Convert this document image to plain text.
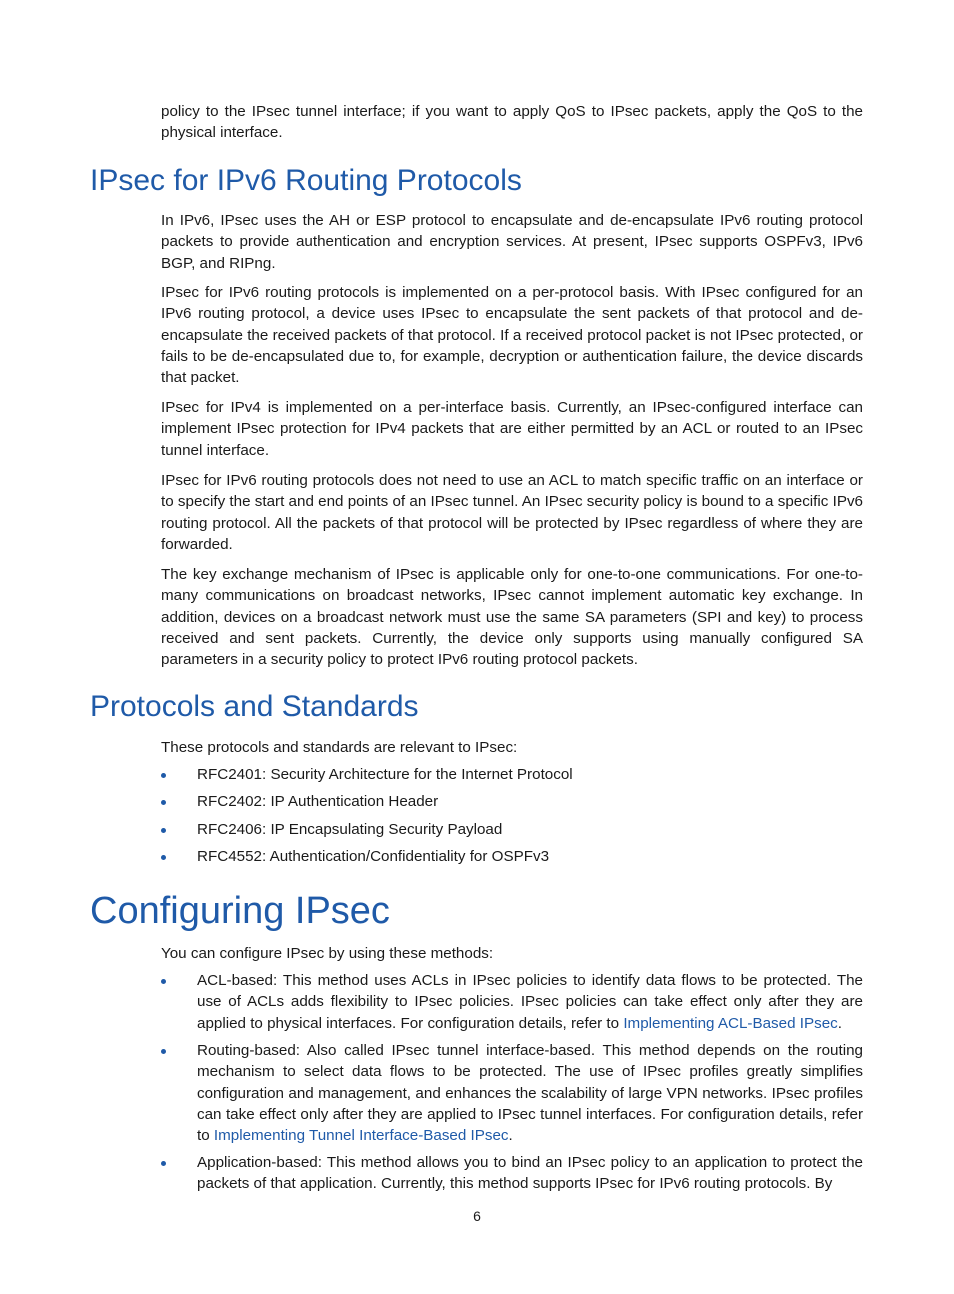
policy to the IPsec tunnel interface; if you want to apply QoS to IPsec packets, apply the QoS to the physical interface.

IPsec for IPv6 Routing Protocols

In IPv6, IPsec uses the AH or ESP protocol to encapsulate and de-encapsulate IPv6 routing protocol packets to provide authentication and encryption services. At present, IPsec supports OSPFv3, IPv6 BGP, and RIPng.

IPsec for IPv6 routing protocols is implemented on a per-protocol basis. With IPsec configured for an IPv6 routing protocol, a device uses IPsec to encapsulate the sent packets of that protocol and de-encapsulate the received packets of that protocol. If a received protocol packet is not IPsec protected, or fails to be de-encapsulated due to, for example, decryption or authentication failure, the device discards that packet.

IPsec for IPv4 is implemented on a per-interface basis. Currently, an IPsec-configured interface can implement IPsec protection for IPv4 packets that are either permitted by an ACL or routed to an IPsec tunnel interface.

IPsec for IPv6 routing protocols does not need to use an ACL to match specific traffic on an interface or to specify the start and end points of an IPsec tunnel. An IPsec security policy is bound to a specific IPv6 routing protocol. All the packets of that protocol will be protected by IPsec regardless of where they are forwarded.

The key exchange mechanism of IPsec is applicable only for one-to-one communications. For one-to-many communications on broadcast networks, IPsec cannot implement automatic key exchange. In addition, devices on a broadcast network must use the same SA parameters (SPI and key) to process received and sent packets. Currently, the device only supports using manually configured SA parameters in a security policy to protect IPv6 routing protocol packets.

Protocols and Standards

These protocols and standards are relevant to IPsec:

RFC2401: Security Architecture for the Internet Protocol
RFC2402: IP Authentication Header
RFC2406: IP Encapsulating Security Payload
RFC4552: Authentication/Confidentiality for OSPFv3
Configuring IPsec

You can configure IPsec by using these methods:

ACL-based: This method uses ACLs in IPsec policies to identify data flows to be protected. The use of ACLs adds flexibility to IPsec policies. IPsec policies can take effect only after they are applied to physical interfaces. For configuration details, refer to Implementing ACL-Based IPsec.
Routing-based: Also called IPsec tunnel interface-based. This method depends on the routing mechanism to select data flows to be protected. The use of IPsec profiles greatly simplifies configuration and management, and enhances the scalability of large VPN networks. IPsec profiles can take effect only after they are applied to IPsec tunnel interfaces. For configuration details, refer to Implementing Tunnel Interface-Based IPsec.
Application-based: This method allows you to bind an IPsec policy to an application to protect the packets of that application. Currently, this method supports IPsec for IPv6 routing protocols. By
6
